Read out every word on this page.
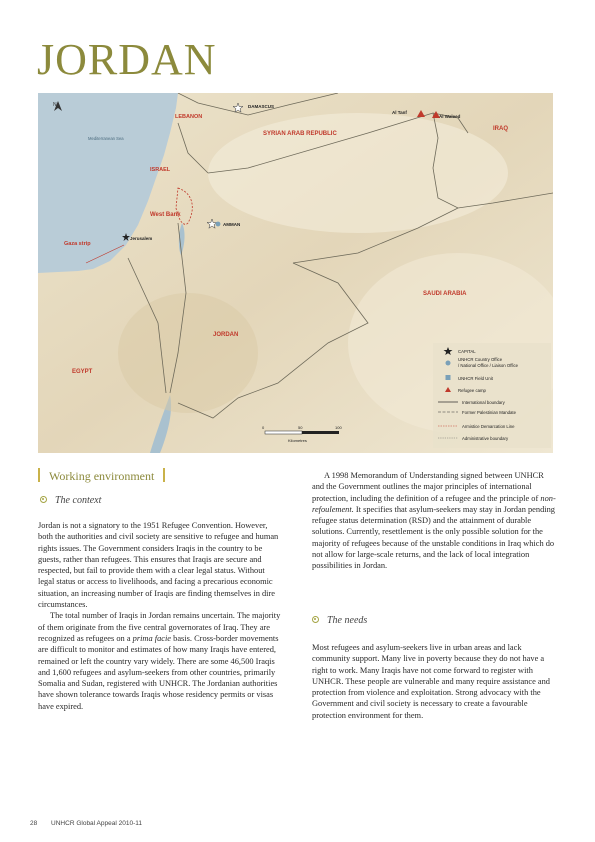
JORDAN
N
LEBANON
SYRIAN ARAB REPUBLIC
IRAQ
ISRAEL
West Bank
Gaza strip
SAUDI ARABIA
JORDAN
EGYPT
DAMASCUS
AMMAN
Jerusalem
Al Tanf
Al Waleed
Mediterranean Sea
CAPITAL
UNHCR Country Office
/ National Office / Liaison Office
UNHCR Field Unit
Refugee camp
International boundary
Former Palestinian Mandate
Armistice Demarcation Line
Administrative boundary
0	50	100
Kilometres
Working environment
The context

Jordan is not a signatory to the 1951 Refugee Convention. However, both the authorities and civil society are sensitive to refugee and human rights issues. The Government considers Iraqis in the country to be guests, rather than refugees. This ensures that Iraqis are secure and respected, but fail to provide them with a clear legal status. Without legal status or access to livelihoods, and facing a precarious economic situation, an increasing number of Iraqis are finding themselves in dire circumstances.

The total number of Iraqis in Jordan remains uncertain. The majority of them originate from the five central governorates of Iraq. They are recognized as refugees on a prima facie basis. Cross-border movements are difficult to monitor and estimates of how many Iraqis have entered, remained or left the country vary widely. There are some 46,500 Iraqis and 1,600 refugees and asylum-seekers from other countries, primarily Somalia and Sudan, registered with UNHCR. The Jordanian authorities have shown tolerance towards Iraqis whose residency permits or visas have expired.

A 1998 Memorandum of Understanding signed between UNHCR and the Government outlines the major principles of international protection, including the definition of a refugee and the principle of non-refoulement. It specifies that asylum-seekers may stay in Jordan pending refugee status determination (RSD) and the attainment of durable solutions. Currently, resettlement is the only possible solution for the majority of refugees because of the unstable conditions in Iraq which do not allow for large-scale returns, and the lack of local integration possibilities in Jordan.

The needs

Most refugees and asylum-seekers live in urban areas and lack community support. Many live in poverty because they do not have a right to work. Many Iraqis have not come forward to register with UNHCR. These people are vulnerable and many require assistance and protection from violence and exploitation. Strong advocacy with the Government and civil society is necessary to create a favourable protection environment for them.

28 UNHCR Global Appeal 2010-11
